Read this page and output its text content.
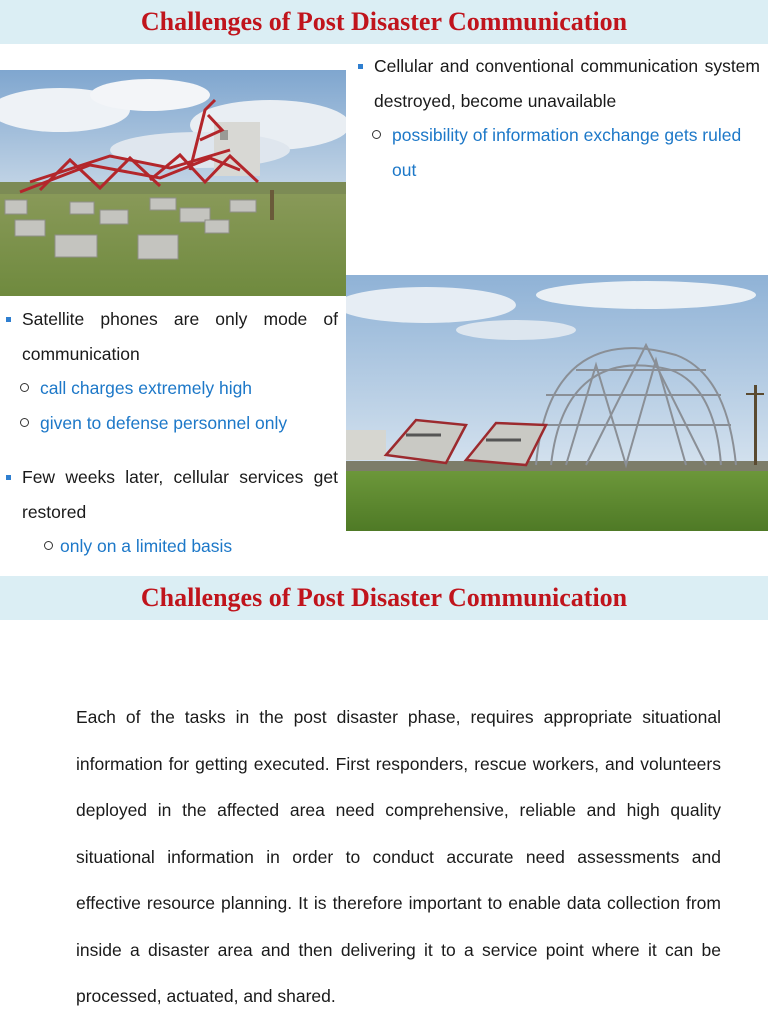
Challenges of Post Disaster Communication
Cellular and conventional communication system destroyed, become unavailable
possibility of information exchange gets ruled out
Satellite phones are only mode of communication
call charges extremely high
given to defense personnel only
Few weeks later, cellular services get restored
only on a limited basis
Challenges of Post Disaster Communication
Each of the tasks in the post disaster phase, requires appropriate situational information for getting executed. First responders, rescue workers, and volunteers deployed in the affected area need comprehensive, reliable and high quality situational information in order to conduct accurate need assessments and effective resource planning. It is therefore important to enable data collection from inside a disaster area and then delivering it to a service point where it can be processed, actuated, and shared.
